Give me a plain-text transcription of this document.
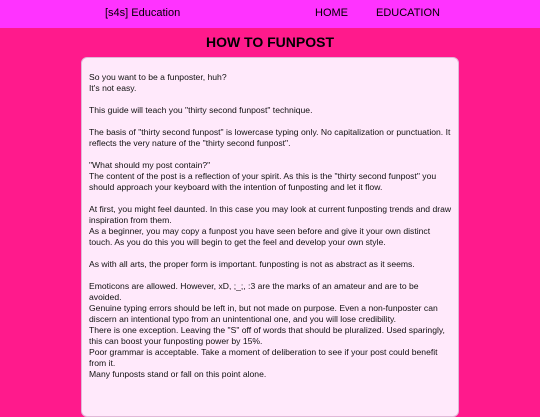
[s4s] Education	HOME	EDUCATION
HOW TO FUNPOST
So you want to be a funposter, huh?
It's not easy.
This guide will teach you "thirty second funpost" technique.
The basis of "thirty second funpost" is lowercase typing only. No capitalization or punctuation. It reflects the very nature of the "thirty second funpost".
"What should my post contain?"
The content of the post is a reflection of your spirit. As this is the "thirty second funpost" you should approach your keyboard with the intention of funposting and let it flow.
At first, you might feel daunted. In this case you may look at current funposting trends and draw inspiration from them.
As a beginner, you may copy a funpost you have seen before and give it your own distinct touch. As you do this you will begin to get the feel and develop your own style.
As with all arts, the proper form is important. funposting is not as abstract as it seems.
Emoticons are allowed. However, xD, ;_;, :3 are the marks of an amateur and are to be avoided.
Genuine typing errors should be left in, but not made on purpose. Even a non-funposter can discern an intentional typo from an unintentional one, and you will lose credibility.
There is one exception. Leaving the "S" off of words that should be pluralized. Used sparingly, this can boost your funposting power by 15%.
Poor grammar is acceptable. Take a moment of deliberation to see if your post could benefit from it.
Many funposts stand or fall on this point alone.
